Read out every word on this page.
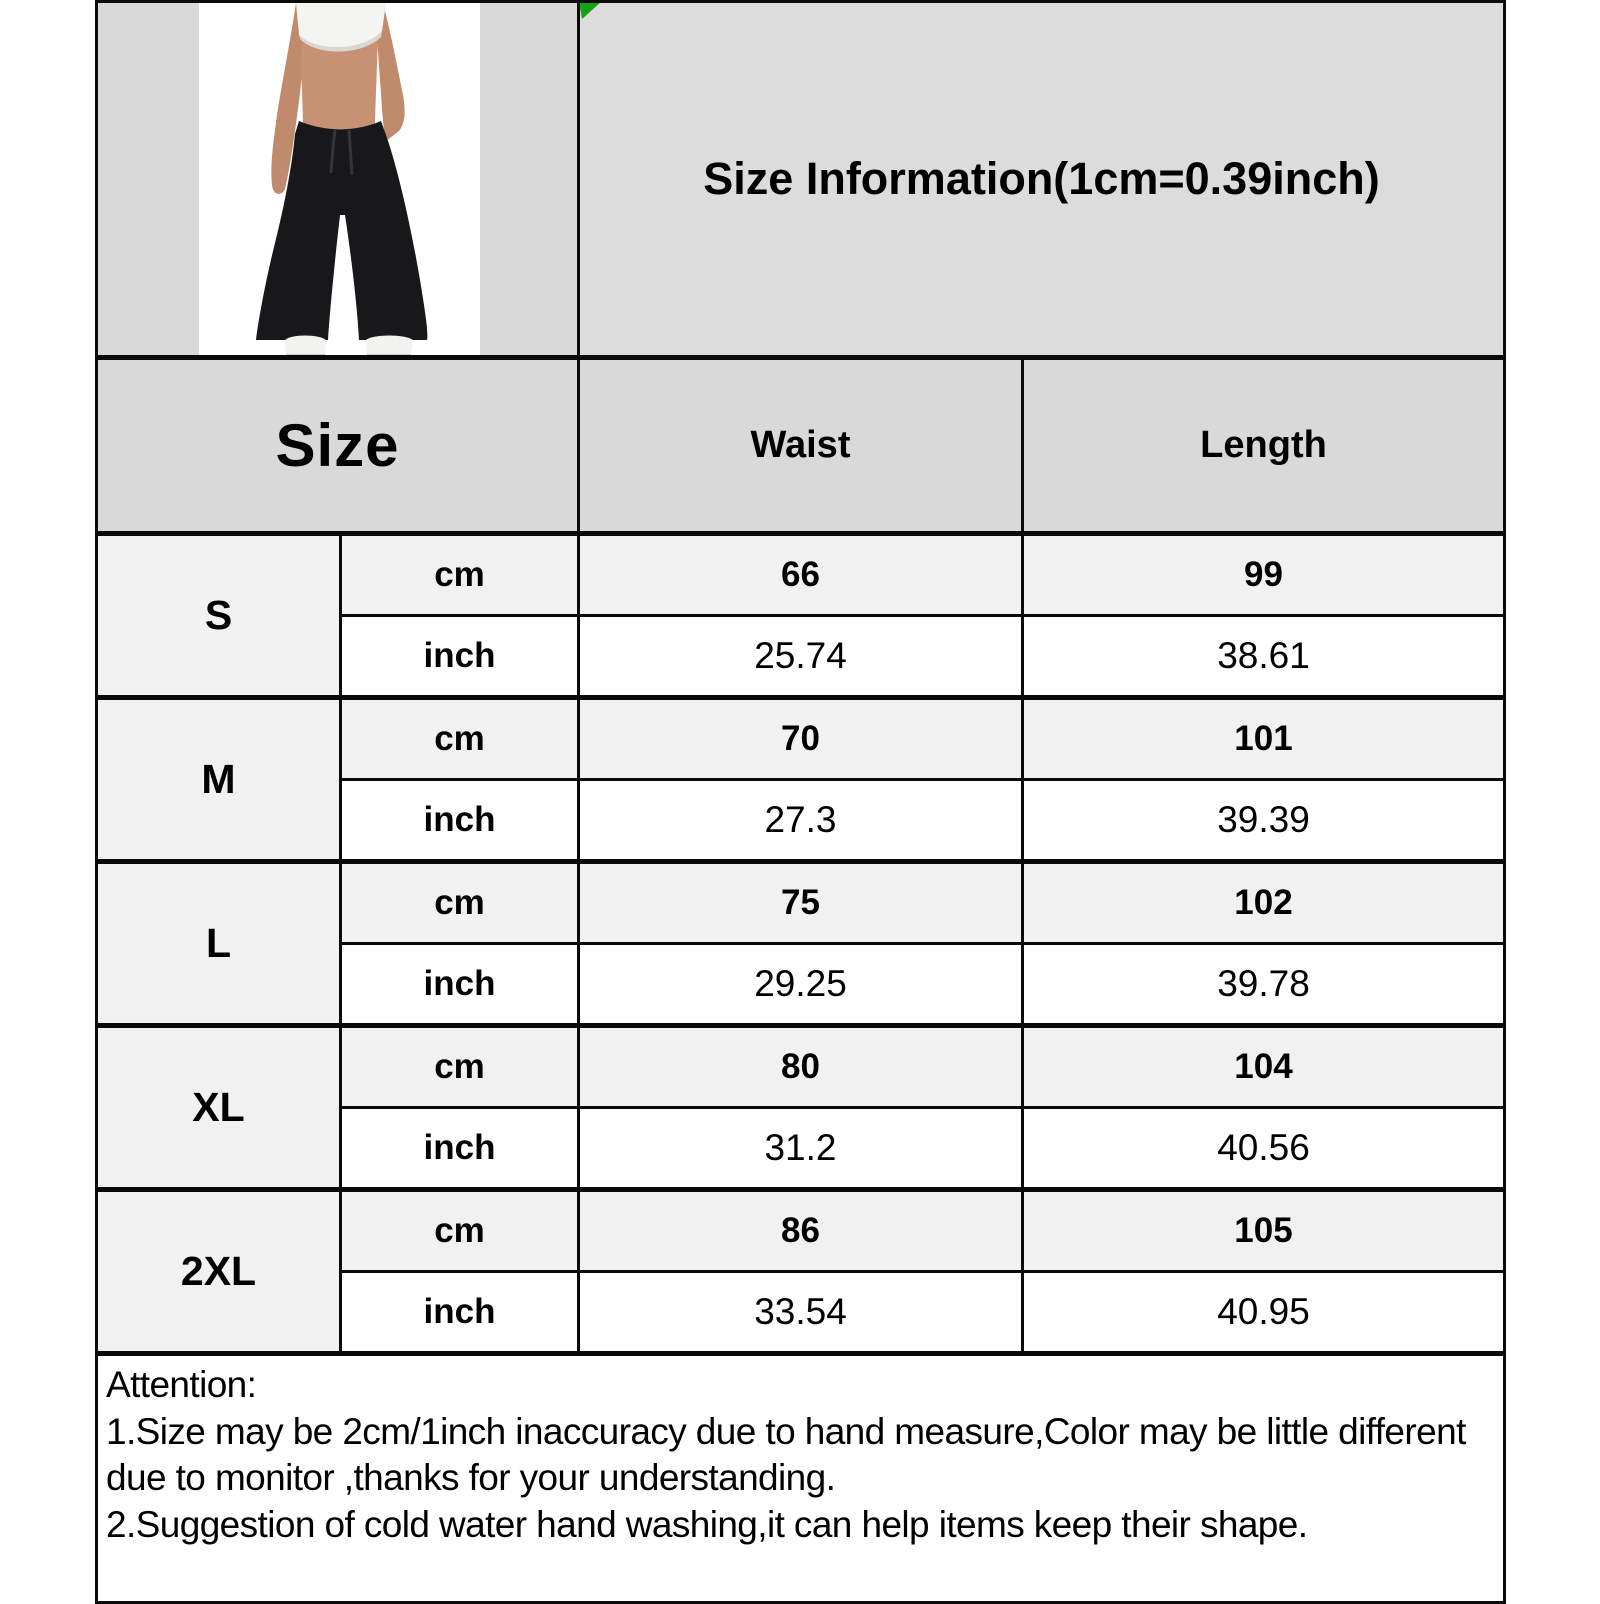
Size Information(1cm=0.39inch)	
Size		Waist	Length
S	cm	66	99
	inch	25.74	38.61
M	cm	70	101
	inch	27.3	39.39
L	cm	75	102
	inch	29.25	39.78
XL	cm	80	104
	inch	31.2	40.56
2XL	cm	86	105
	inch	33.54	40.95

Attention:
1.Size may be 2cm/1inch inaccuracy due to hand measure,Color may be little different due to monitor ,thanks for your understanding.
2.Suggestion of cold water hand washing,it can help items keep their shape.			
